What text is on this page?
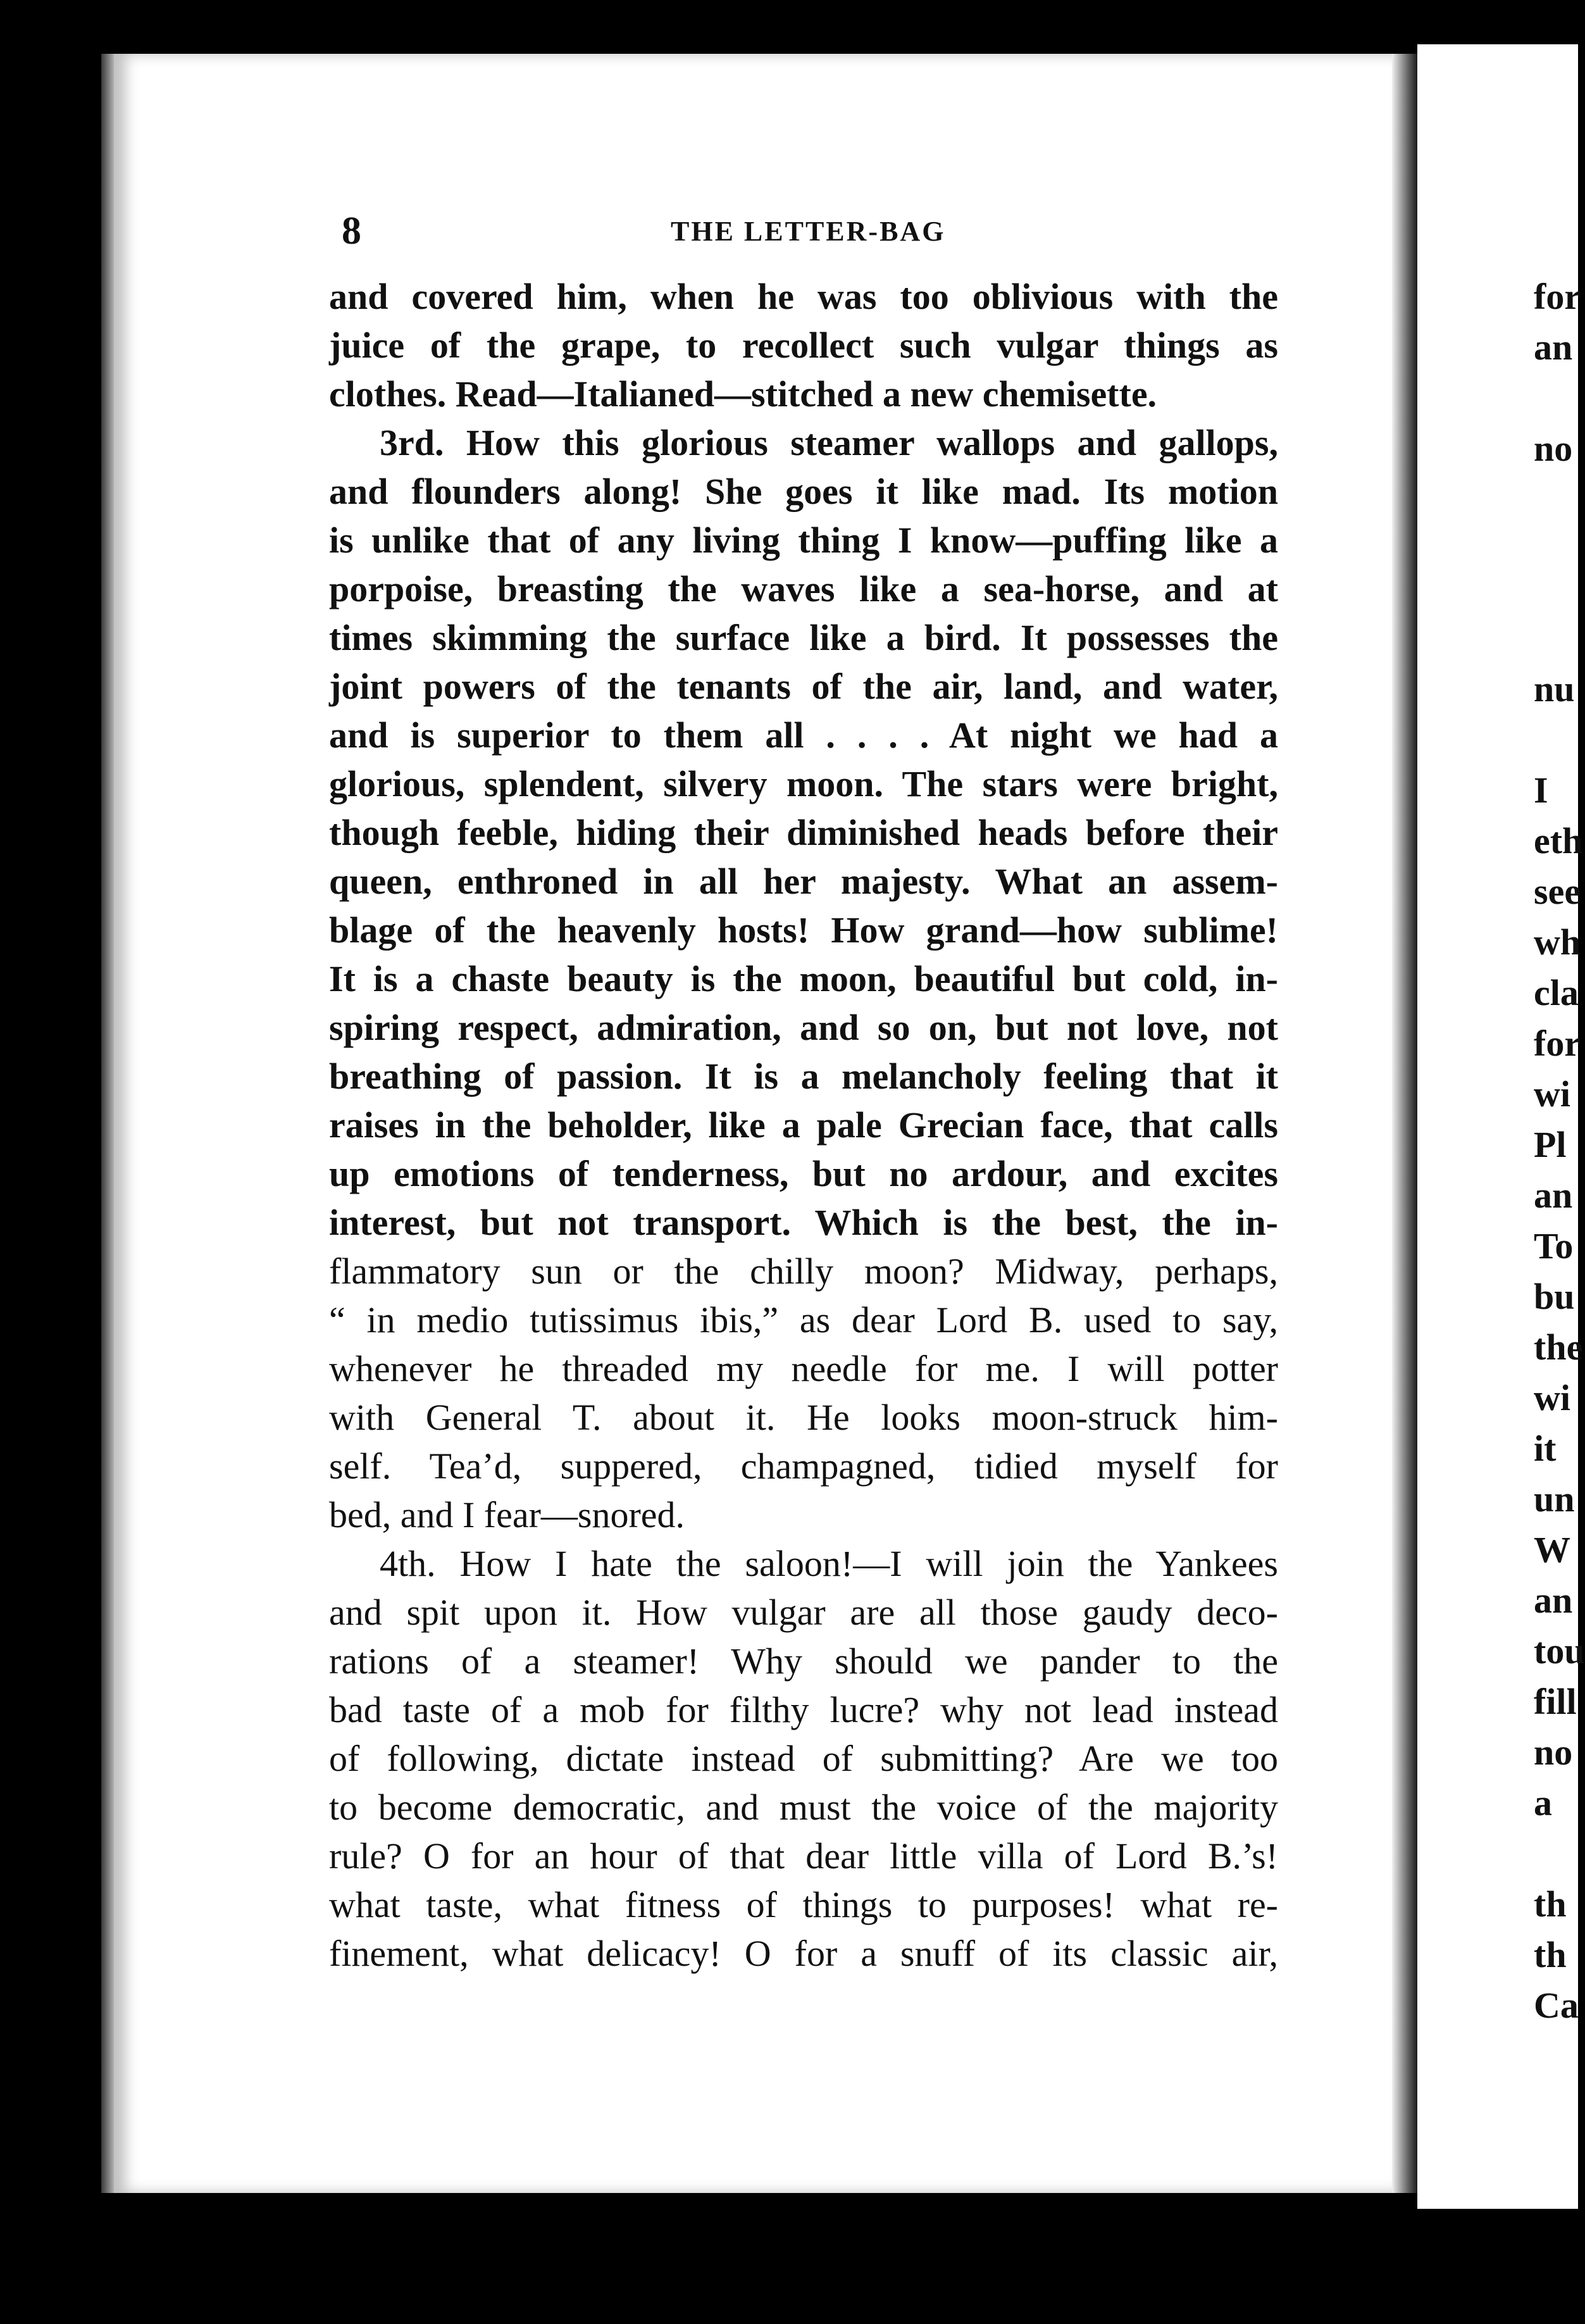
for
an
no
nu
I
eth
see
wh
cla
for
wi
Pl
an
To
bu
the
wi
it
un
W
an
tou
fill
no
a
th
th
Ca
8	THE LETTER-BAG
and covered him, when he was too oblivious with the
juice of the grape, to recollect such vulgar things as
clothes. Read—Italianed—stitched a new chemisette.
3rd. How this glorious steamer wallops and gallops,
and flounders along! She goes it like mad. Its motion
is unlike that of any living thing I know—puffing like a
porpoise, breasting the waves like a sea-horse, and at
times skimming the surface like a bird. It possesses the
joint powers of the tenants of the air, land, and water,
and is superior to them all . . . . At night we had a
glorious, splendent, silvery moon. The stars were bright,
though feeble, hiding their diminished heads before their
queen, enthroned in all her majesty. What an assem-
blage of the heavenly hosts! How grand—how sublime!
It is a chaste beauty is the moon, beautiful but cold, in-
spiring respect, admiration, and so on, but not love, not
breathing of passion. It is a melancholy feeling that it
raises in the beholder, like a pale Grecian face, that calls
up emotions of tenderness, but no ardour, and excites
interest, but not transport. Which is the best, the in-
flammatory sun or the chilly moon? Midway, perhaps,
“ in medio tutissimus ibis,” as dear Lord B. used to say,
whenever he threaded my needle for me. I will potter
with General T. about it. He looks moon-struck him-
self. Tea’d, suppered, champagned, tidied myself for
bed, and I fear—snored.
4th. How I hate the saloon!—I will join the Yankees
and spit upon it. How vulgar are all those gaudy deco-
rations of a steamer! Why should we pander to the
bad taste of a mob for filthy lucre? why not lead instead
of following, dictate instead of submitting? Are we too
to become democratic, and must the voice of the majority
rule? O for an hour of that dear little villa of Lord B.’s!
what taste, what fitness of things to purposes! what re-
finement, what delicacy! O for a snuff of its classic air,
